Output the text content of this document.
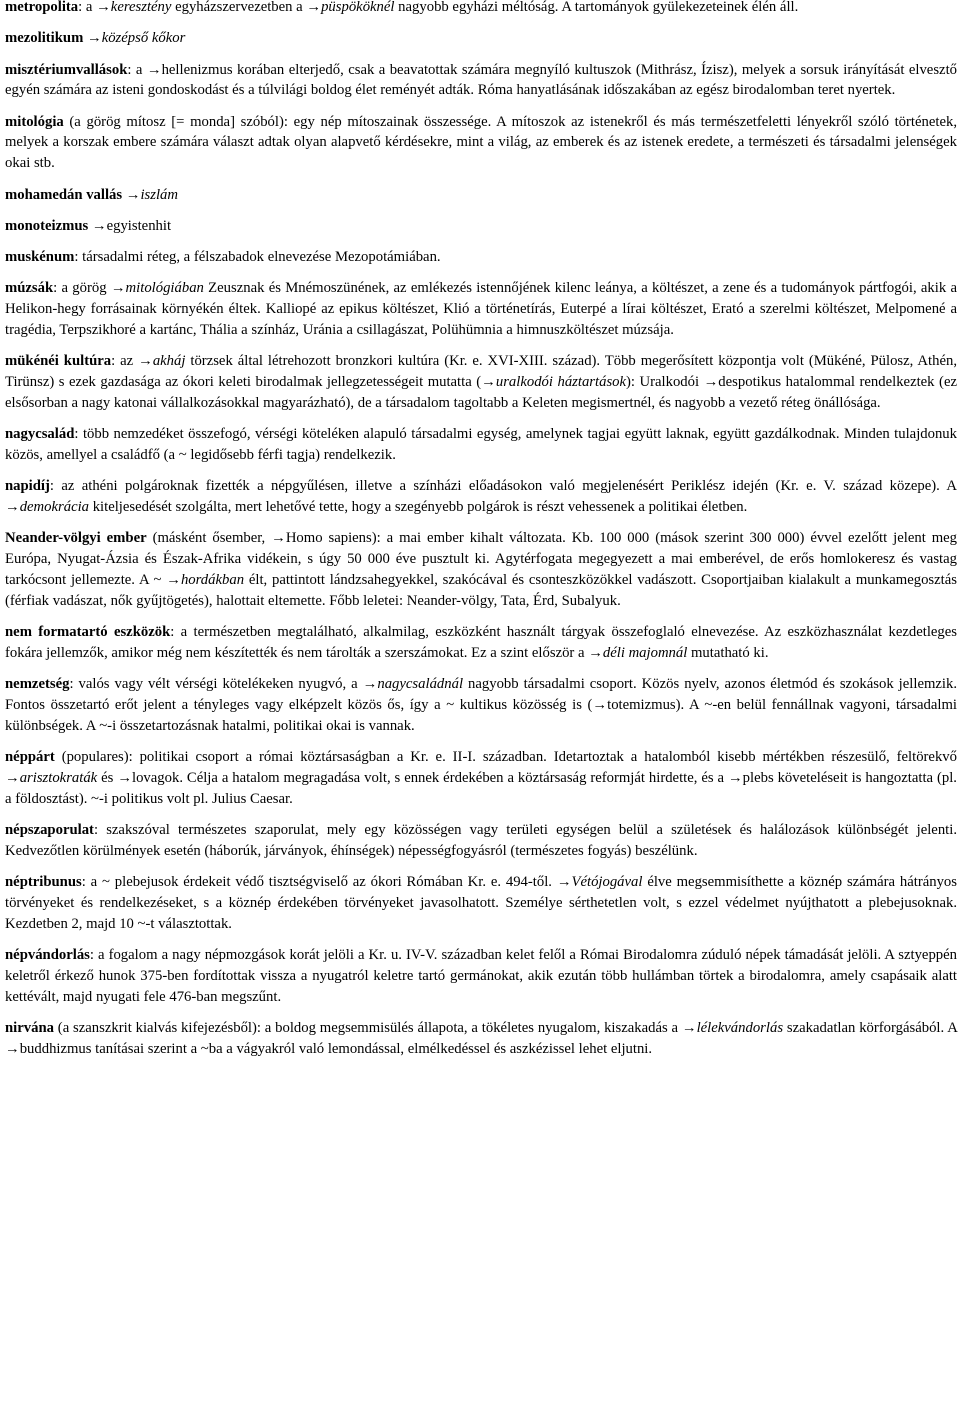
metropolita: a →keresztény egyházszervezetben a →püspököknél nagyobb egyházi méltóság. A tartományok gyülekezeteinek élén áll.

mezolitikum →középső kőkor

misztériumvallások: a →hellenizmus korában elterjedő, csak a beavatottak számára megnyíló kultuszok (Mithrász, Ízisz), melyek a sorsuk irányítását elvesztő egyén számára az isteni gondoskodást és a túlvilági boldog élet reményét adták. Róma hanyatlásának időszakában az egész birodalomban teret nyertek.

mitológia (a görög mítosz [= monda] szóból): egy nép mítoszainak összessége. A mítoszok az istenekről és más természetfeletti lényekről szóló történetek, melyek a korszak embere számára választ adtak olyan alapvető kérdésekre, mint a világ, az emberek és az istenek eredete, a természeti és társadalmi jelenségek okai stb.

mohamedán vallás →iszlám

monoteizmus →egyistenhit

muskénum: társadalmi réteg, a félszabadok elnevezése Mezopotámiában.

múzsák: a görög →mitológiában Zeusznak és Mnémoszünének, az emlékezés istennőjének kilenc leánya, a költészet, a zene és a tudományok pártfogói, akik a Helikon-hegy forrásainak környékén éltek. Kalliopé az epikus költészet, Klió a történetírás, Euterpé a lírai költészet, Erató a szerelmi költészet, Melpomené a tragédia, Terpszikhoré a kartánc, Thália a színház, Uránia a csillagászat, Polühümnia a himnuszköltészet múzsája.

mükénéi kultúra: az →akháj törzsek által létrehozott bronzkori kultúra (Kr. e. XVI-XIII. század). Több megerősített központja volt (Mükéné, Pülosz, Athén, Tirünsz) s ezek gazdasága az ókori keleti birodalmak jellegzetességeit mutatta (→uralkodói háztartások): Uralkodói →despotikus hatalommal rendelkeztek (ez elsősorban a nagy katonai vállalkozásokkal magyarázható), de a társadalom tagoltabb a Keleten megismertnél, és nagyobb a vezető réteg önállósága.

nagycsalád: több nemzedéket összefogó, vérségi köteléken alapuló társadalmi egység, amelynek tagjai együtt laknak, együtt gazdálkodnak. Minden tulajdonuk közös, amellyel a családfő (a ~ legidősebb férfi tagja) rendelkezik.

napidíj: az athéni polgároknak fizették a népgyűlésen, illetve a színházi előadásokon való megjelenésért Periklész idején (Kr. e. V. század közepe). A →demokrácia kiteljesedését szolgálta, mert lehetővé tette, hogy a szegényebb polgárok is részt vehessenek a politikai életben.

Neander-völgyi ember (másként ősember, →Homo sapiens): a mai ember kihalt változata. Kb. 100 000 (mások szerint 300 000) évvel ezelőtt jelent meg Európa, Nyugat-Ázsia és Észak-Afrika vidékein, s úgy 50 000 éve pusztult ki. Agytérfogata megegyezett a mai emberével, de erős homlokeresz és vastag tarkócsont jellemezte. A ~ →hordákban élt, pattintott lándzsahegyekkel, szakócával és csonteszközökkel vadászott. Csoportjaiban kialakult a munkamegosztás (férfiak vadászat, nők gyűjtögetés), halottait eltemette. Főbb leletei: Neander-völgy, Tata, Érd, Subalyuk.

nem formatartó eszközök: a természetben megtalálható, alkalmilag, eszközként használt tárgyak összefoglaló elnevezése. Az eszközhasználat kezdetleges fokára jellemzők, amikor még nem készítették és nem tárolták a szerszámokat. Ez a szint először a →déli majomnál mutatható ki.

nemzetség: valós vagy vélt vérségi kötelékeken nyugvó, a →nagycsaládnál nagyobb társadalmi csoport. Közös nyelv, azonos életmód és szokások jellemzik. Fontos összetartó erőt jelent a tényleges vagy elképzelt közös ős, így a ~ kultikus közösség is (→totemizmus). A ~-en belül fennállnak vagyoni, társadalmi különbségek. A ~-i összetartozásnak hatalmi, politikai okai is vannak.

néppárt (populares): politikai csoport a római köztársaságban a Kr. e. II-I. században. Idetartoztak a hatalomból kisebb mértékben részesülő, feltörekvő →arisztokraták és →lovagok. Célja a hatalom megragadása volt, s ennek érdekében a köztársaság reformját hirdette, és a →plebs követeléseit is hangoztatta (pl. a földosztást). ~-i politikus volt pl. Julius Caesar.

népszaporulat: szakszóval természetes szaporulat, mely egy közösségen vagy területi egységen belül a születések és halálozások különbségét jelenti. Kedvezőtlen körülmények esetén (háborúk, járványok, éhínségek) népességfogyásról (természetes fogyás) beszélünk.

néptribunus: a ~ plebejusok érdekeit védő tisztségviselő az ókori Rómában Kr. e. 494-től. →Vétójogával élve megsemmisíthette a köznép számára hátrányos törvényeket és rendelkezéseket, s a köznép érdekében törvényeket javasolhatott. Személye sérthetetlen volt, s ezzel védelmet nyújthatott a plebejusoknak. Kezdetben 2, majd 10 ~-t választottak.

népvándorlás: a fogalom a nagy népmozgások korát jelöli a Kr. u. IV-V. században kelet felől a Római Birodalomra zúduló népek támadását jelöli. A sztyeppén keletről érkező hunok 375-ben fordítottak vissza a nyugatról keletre tartó germánokat, akik ezután több hullámban törtek a birodalomra, amely csapásaik alatt kettévált, majd nyugati fele 476-ban megszűnt.

nirvána (a szanszkrit kialvás kifejezésből): a boldog megsemmisülés állapota, a tökéletes nyugalom, kiszakadás a →lélekvándorlás szakadatlan körforgásából. A →buddhizmus tanításai szerint a ~ba a vágyakról való lemondással, elmélkedéssel és aszkézissel lehet eljutni.
